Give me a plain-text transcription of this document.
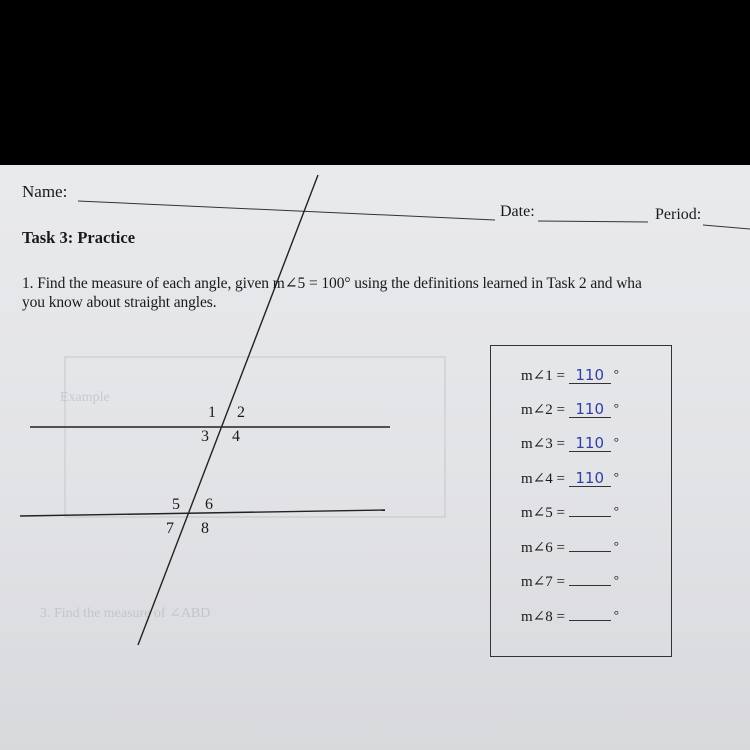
Example
3. Find the measure of ∠ABD
Name:
Date:	Period:
Task 3: Practice
1. Find the measure of each angle, given m∠5 = 100° using the definitions learned in Task 2 and wha
you know about straight angles.
1 2
3 4
5 6
7 8
m∠1 = 110 °
m∠2 = 110 °
m∠3 = 110 °
m∠4 = 110 °
m∠5 =	°
m∠6 =	°
m∠7 =	°
m∠8 =	°
